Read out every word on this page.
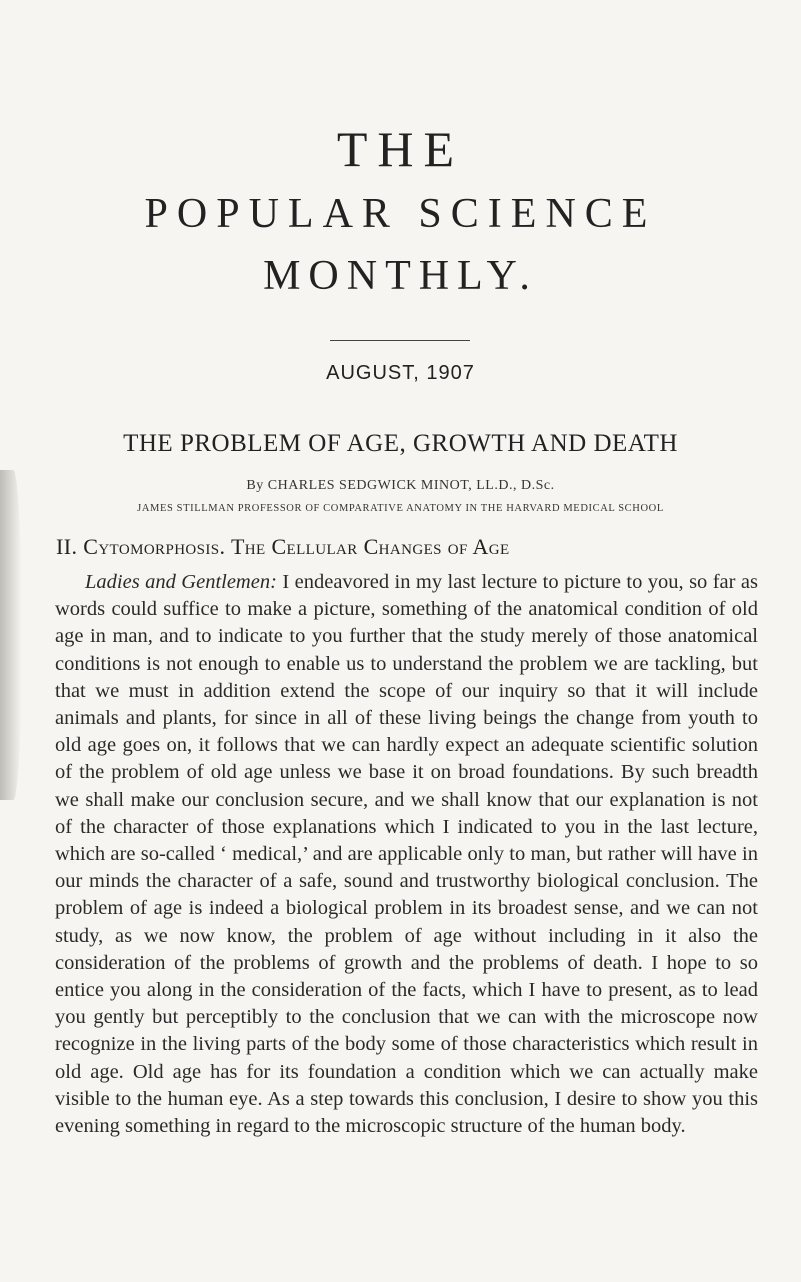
THE
POPULAR SCIENCE
MONTHLY.
AUGUST, 1907
THE PROBLEM OF AGE, GROWTH AND DEATH
By CHARLES SEDGWICK MINOT, LL.D., D.Sc.
JAMES STILLMAN PROFESSOR OF COMPARATIVE ANATOMY IN THE HARVARD MEDICAL SCHOOL
II. Cytomorphosis. The Cellular Changes of Age
Ladies and Gentlemen: I endeavored in my last lecture to picture to you, so far as words could suffice to make a picture, something of the anatomical condition of old age in man, and to indicate to you further that the study merely of those anatomical conditions is not enough to enable us to understand the problem we are tackling, but that we must in addition extend the scope of our inquiry so that it will include animals and plants, for since in all of these living beings the change from youth to old age goes on, it follows that we can hardly expect an adequate scientific solution of the problem of old age unless we base it on broad foundations. By such breadth we shall make our conclusion secure, and we shall know that our explanation is not of the character of those explanations which I indicated to you in the last lecture, which are so-called ‘ medical,’ and are applicable only to man, but rather will have in our minds the character of a safe, sound and trustworthy biological conclusion. The problem of age is indeed a biological problem in its broadest sense, and we can not study, as we now know, the problem of age without including in it also the consideration of the problems of growth and the problems of death. I hope to so entice you along in the consideration of the facts, which I have to present, as to lead you gently but perceptibly to the conclusion that we can with the microscope now recognize in the living parts of the body some of those characteristics which result in old age. Old age has for its foundation a condition which we can actually make visible to the human eye. As a step towards this conclusion, I desire to show you this evening something in regard to the microscopic structure of the human body.
